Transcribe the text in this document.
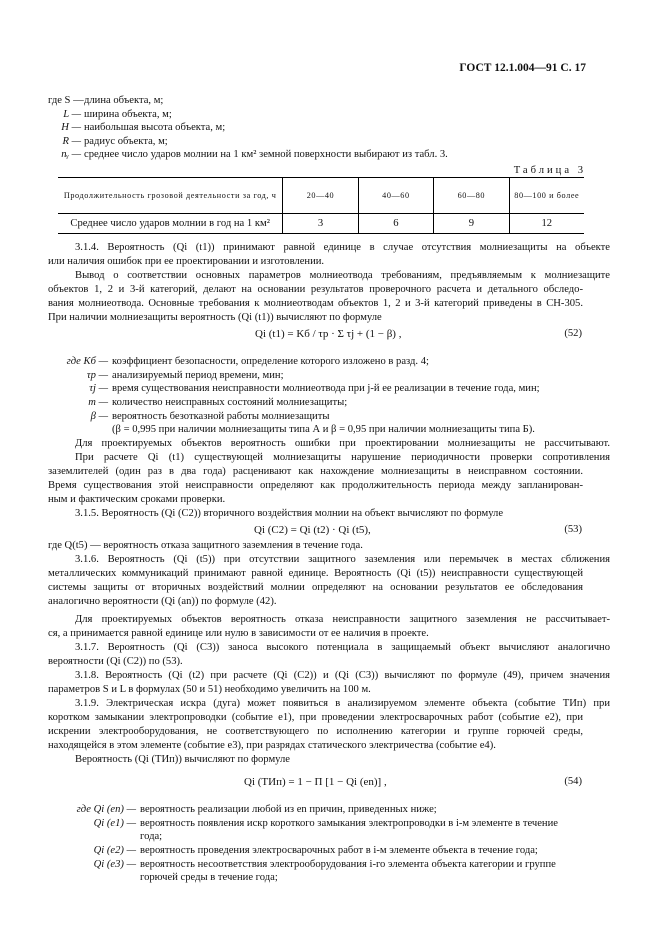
ГОСТ 12.1.004—91 С. 17
где S — длина объекта, м;
L — ширина объекта, м;
H — наибольшая высота объекта, м;
R — радиус объекта, м;
nᵧ — среднее число ударов молнии на 1 км² земной поверхности выбирают из табл. 3.
Таблица 3
Продолжительность грозовой деятельности за год, ч	20—40	40—60	60—80	80—100 и более
Среднее число ударов молнии в год на 1 км²	3	6	9	12
3.1.4. Вероятность (Qi (t1)) принимают равной единице в случае отсутствия молниезащиты на объекте
или наличия ошибок при ее проектировании и изготовлении.
Вывод о соответствии основных параметров молниеотвода требованиям, предъявляемым к молниезащите
объектов 1, 2 и 3-й категорий, делают на основании результатов проверочного расчета и детального обследо-
вания молниеотвода. Основные требования к молниеотводам объектов 1, 2 и 3-й категорий приведены в СН-305.
При наличии молниезащиты вероятность (Qi (t1)) вычисляют по формуле
Qi (t1) = Kб / τр · Σ τj + (1 − β) ,	(52)
где Kб — коэффициент безопасности, определение которого изложено в разд. 4;
τр — анализируемый период времени, мин;
τj — время существования неисправности молниеотвода при j-й ее реализации в течение года, мин;
m — количество неисправных состояний молниезащиты;
β — вероятность безотказной работы молниезащиты
(β = 0,995 при наличии молниезащиты типа А и β = 0,95 при наличии молниезащиты типа Б).
Для проектируемых объектов вероятность ошибки при проектировании молниезащиты не рассчитывают.
При расчете Qi (t1) существующей молниезащиты нарушение периодичности проверки сопротивления
заземлителей (один раз в два года) расценивают как нахождение молниезащиты в неисправном состоянии.
Время существования этой неисправности определяют как продолжительность периода между запланирован-
ным и фактическим сроками проверки.
3.1.5. Вероятность (Qi (C2)) вторичного воздействия молнии на объект вычисляют по формуле
Qi (C2) = Qi (t2) · Qi (t5),	(53)
где Q(t5) — вероятность отказа защитного заземления в течение года.
3.1.6. Вероятность (Qi (t5)) при отсутствии защитного заземления или перемычек в местах сближения
металлических коммуникаций принимают равной единице. Вероятность (Qi (t5)) неисправности существующей
системы защиты от вторичных воздействий молнии определяют на основании результатов ее обследования
аналогично вероятности (Qi (an)) по формуле (42).
Для проектируемых объектов вероятность отказа неисправности защитного заземления не рассчитывает-
ся, а принимается равной единице или нулю в зависимости от ее наличия в проекте.
3.1.7. Вероятность (Qi (C3)) заноса высокого потенциала в защищаемый объект вычисляют аналогично
вероятности (Qi (C2)) по (53).
3.1.8. Вероятность (Qi (t2) при расчете (Qi (C2)) и (Qi (C3)) вычисляют по формуле (49), причем значения
параметров S и L в формулах (50 и 51) необходимо увеличить на 100 м.
3.1.9. Электрическая искра (дуга) может появиться в анализируемом элементе объекта (событие ТИп) при
коротком замыкании электропроводки (событие e1), при проведении электросварочных работ (событие e2), при
искрении электрооборудования, не соответствующего по исполнению категории и группе горючей среды,
находящейся в этом элементе (событие e3), при разрядах статического электричества (событие e4).
Вероятность (Qi (ТИп)) вычисляют по формуле
Qi (ТИп) = 1 − Π [1 − Qi (en)] ,	(54)
где Qi (en) — вероятность реализации любой из en причин, приведенных ниже;
Qi (e1) — вероятность появления искр короткого замыкания электропроводки в i-м элементе в течение
года;
Qi (e2) — вероятность проведения электросварочных работ в i-м элементе объекта в течение года;
Qi (e3) — вероятность несоответствия электрооборудования i-го элемента объекта категории и группе
горючей среды в течение года;
